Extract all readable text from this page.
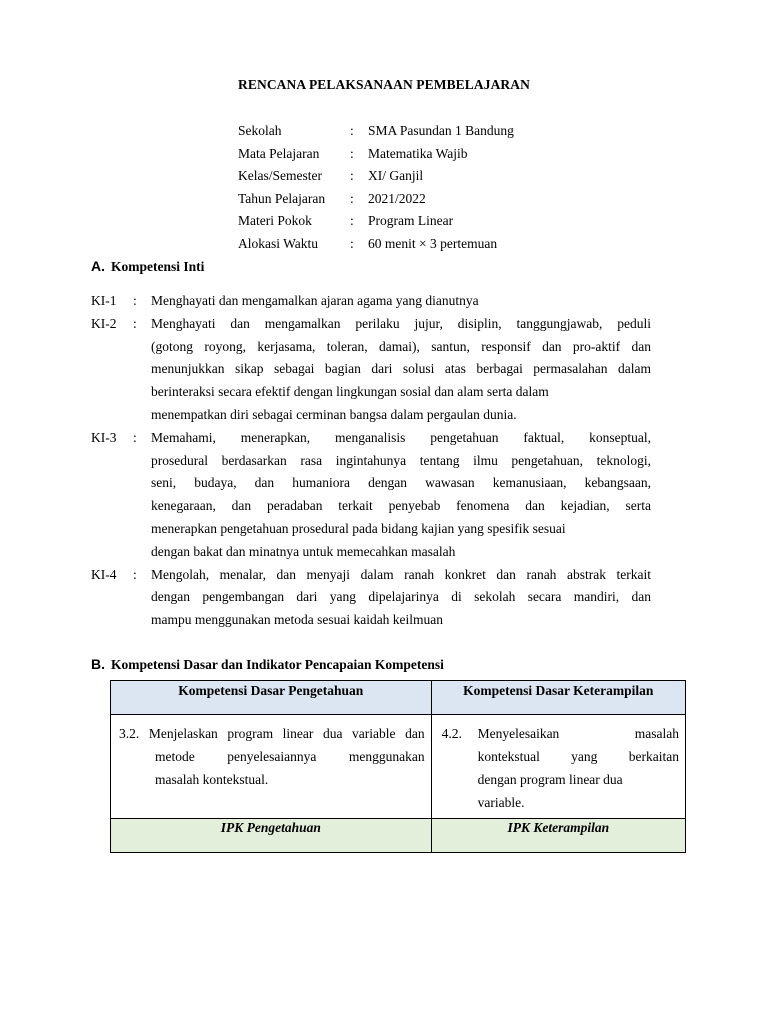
RENCANA PELAKSANAAN PEMBELAJARAN
Sekolah	:	SMA Pasundan 1 Bandung
Mata Pelajaran	:	Matematika Wajib
Kelas/Semester	:	XI/ Ganjil
Tahun Pelajaran	:	2021/2022
Materi Pokok	:	Program Linear
Alokasi Waktu	:	60 menit × 3 pertemuan
A. Kompetensi Inti
KI-1	:	Menghayati dan mengamalkan ajaran agama yang dianutnya
KI-2	:	Menghayati dan mengamalkan perilaku jujur, disiplin, tanggungjawab, peduli
(gotong royong, kerjasama, toleran, damai), santun, responsif dan pro-aktif dan
menunjukkan sikap sebagai bagian dari solusi atas berbagai permasalahan dalam
berinteraksi secara efektif dengan lingkungan sosial dan alam serta dalam
menempatkan diri sebagai cerminan bangsa dalam pergaulan dunia.
KI-3	:	Memahami, menerapkan, menganalisis pengetahuan faktual, konseptual,
prosedural berdasarkan rasa ingintahunya tentang ilmu pengetahuan, teknologi,
seni, budaya, dan humaniora dengan wawasan kemanusiaan, kebangsaan,
kenegaraan, dan peradaban terkait penyebab fenomena dan kejadian, serta
menerapkan pengetahuan prosedural pada bidang kajian yang spesifik sesuai
dengan bakat dan minatnya untuk memecahkan masalah
KI-4	:	Mengolah, menalar, dan menyaji dalam ranah konkret dan ranah abstrak terkait
dengan pengembangan dari yang dipelajarinya di sekolah secara mandiri, dan
mampu menggunakan metoda sesuai kaidah keilmuan
B. Kompetensi Dasar dan Indikator Pencapaian Kompetensi
Kompetensi Dasar Pengetahuan	Kompetensi Dasar Keterampilan

3.2. Menjelaskan program linear dua variable dan
metode penyelesaiannya menggunakan
masalah kontekstual.	4.2. Menyelesaikan masalah
kontekstual yang berkaitan
dengan program linear dua
variable.

IPK Pengetahuan	IPK Keterampilan
